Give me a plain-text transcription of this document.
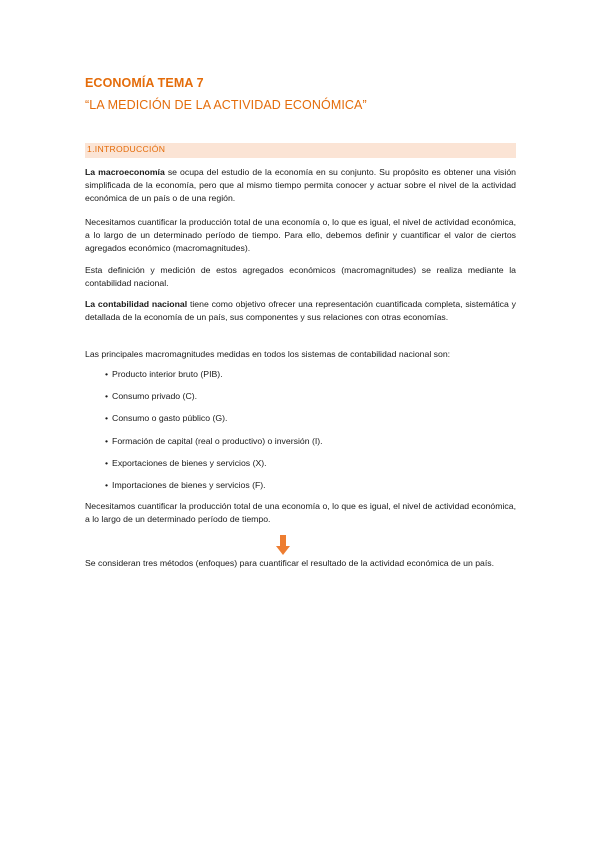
ECONOMÍA TEMA 7
“LA MEDICIÓN DE LA ACTIVIDAD ECONÓMICA”
1.INTRODUCCIÓN

La macroeconomía se ocupa del estudio de la economía en su conjunto. Su propósito es obtener una visión simplificada de la economía, pero que al mismo tiempo permita conocer y actuar sobre el nivel de la actividad económica de un país o de una región.

Necesitamos cuantificar la producción total de una economía o, lo que es igual, el nivel de actividad económica, a lo largo de un determinado período de tiempo. Para ello, debemos definir y cuantificar el valor de ciertos agregados económico (macromagnitudes).

Esta definición y medición de estos agregados económicos (macromagnitudes) se realiza mediante la contabilidad nacional.

La contabilidad nacional tiene como objetivo ofrecer una representación cuantificada completa, sistemática y detallada de la economía de un país, sus componentes y sus relaciones con otras economías.

Las principales macromagnitudes medidas en todos los sistemas de contabilidad nacional son:

• Producto interior bruto (PIB).
• Consumo privado (C).
• Consumo o gasto público (G).
• Formación de capital (real o productivo) o inversión (I).
• Exportaciones de bienes y servicios (X).
• Importaciones de bienes y servicios (F).

Necesitamos cuantificar la producción total de una economía o, lo que es igual, el nivel de actividad económica, a lo largo de un determinado período de tiempo.

Se consideran tres métodos (enfoques) para cuantificar el resultado de la actividad económica de un país.
